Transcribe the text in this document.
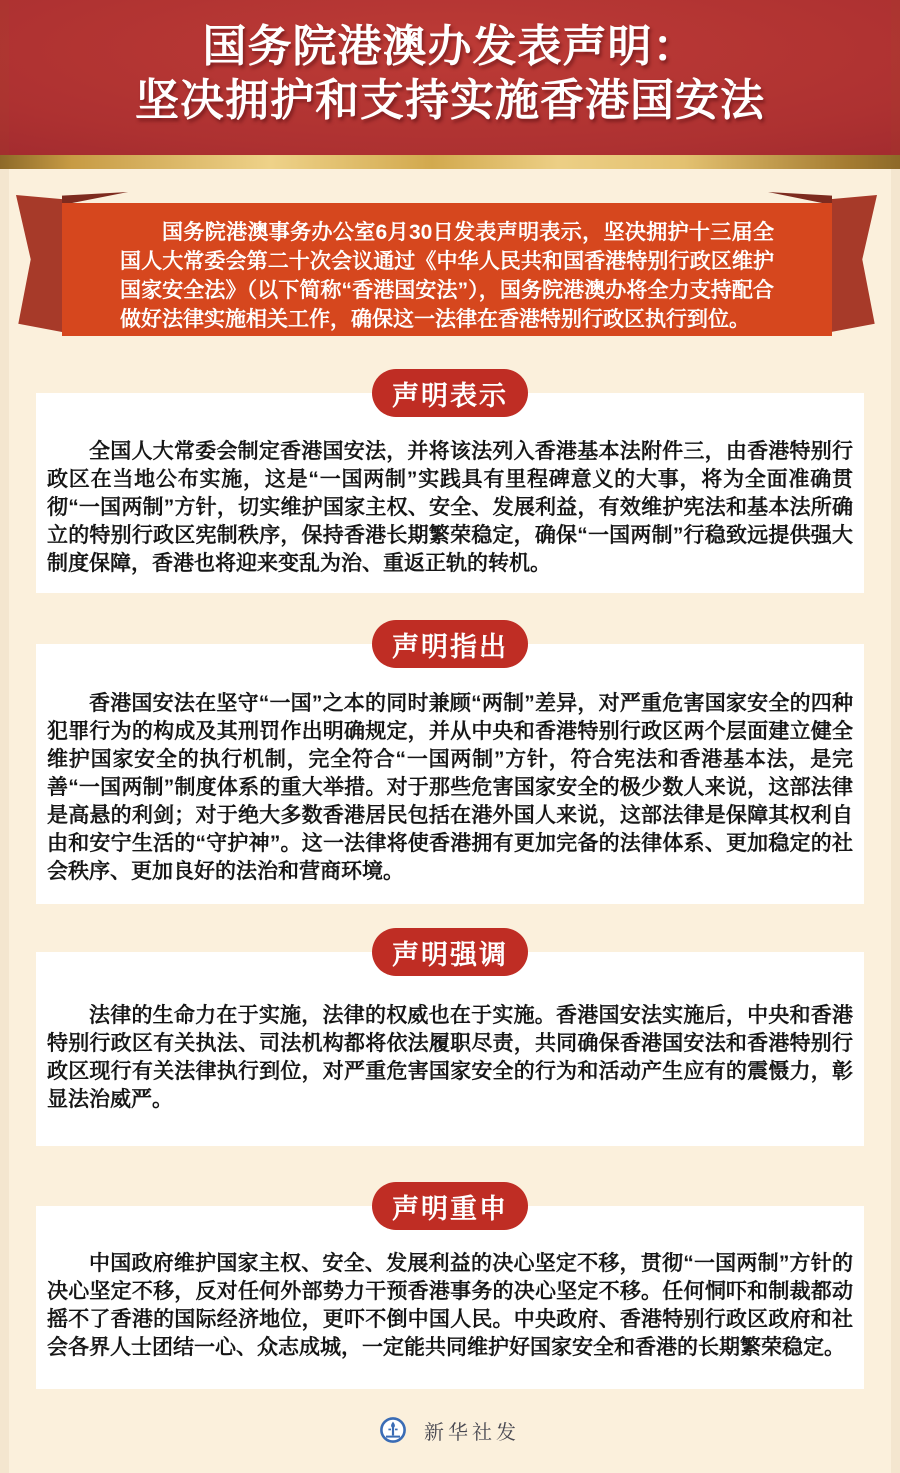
国务院港澳办发表声明：
坚决拥护和支持实施香港国安法

国务院港澳事务办公室6月30日发表声明表示，坚决拥护十三届全国人大常委会第二十次会议通过《中华人民共和国香港特别行政区维护国家安全法》（以下简称“香港国安法”），国务院港澳办将全力支持配合做好法律实施相关工作，确保这一法律在香港特别行政区执行到位。

声明表示

全国人大常委会制定香港国安法，并将该法列入香港基本法附件三，由香港特别行政区在当地公布实施，这是“一国两制”实践具有里程碑意义的大事，将为全面准确贯彻“一国两制”方针，切实维护国家主权、安全、发展利益，有效维护宪法和基本法所确立的特别行政区宪制秩序，保持香港长期繁荣稳定，确保“一国两制”行稳致远提供强大制度保障，香港也将迎来变乱为治、重返正轨的转机。

声明指出

香港国安法在坚守“一国”之本的同时兼顾“两制”差异，对严重危害国家安全的四种犯罪行为的构成及其刑罚作出明确规定，并从中央和香港特别行政区两个层面建立健全维护国家安全的执行机制，完全符合“一国两制”方针，符合宪法和香港基本法，是完善“一国两制”制度体系的重大举措。对于那些危害国家安全的极少数人来说，这部法律是高悬的利剑；对于绝大多数香港居民包括在港外国人来说，这部法律是保障其权利自由和安宁生活的“守护神”。这一法律将使香港拥有更加完备的法律体系、更加稳定的社会秩序、更加良好的法治和营商环境。

声明强调

法律的生命力在于实施，法律的权威也在于实施。香港国安法实施后，中央和香港特别行政区有关执法、司法机构都将依法履职尽责，共同确保香港国安法和香港特别行政区现行有关法律执行到位，对严重危害国家安全的行为和活动产生应有的震慑力，彰显法治威严。

声明重申

中国政府维护国家主权、安全、发展利益的决心坚定不移，贯彻“一国两制”方针的决心坚定不移，反对任何外部势力干预香港事务的决心坚定不移。任何恫吓和制裁都动摇不了香港的国际经济地位，更吓不倒中国人民。中央政府、香港特别行政区政府和社会各界人士团结一心、众志成城，一定能共同维护好国家安全和香港的长期繁荣稳定。

新华社发
